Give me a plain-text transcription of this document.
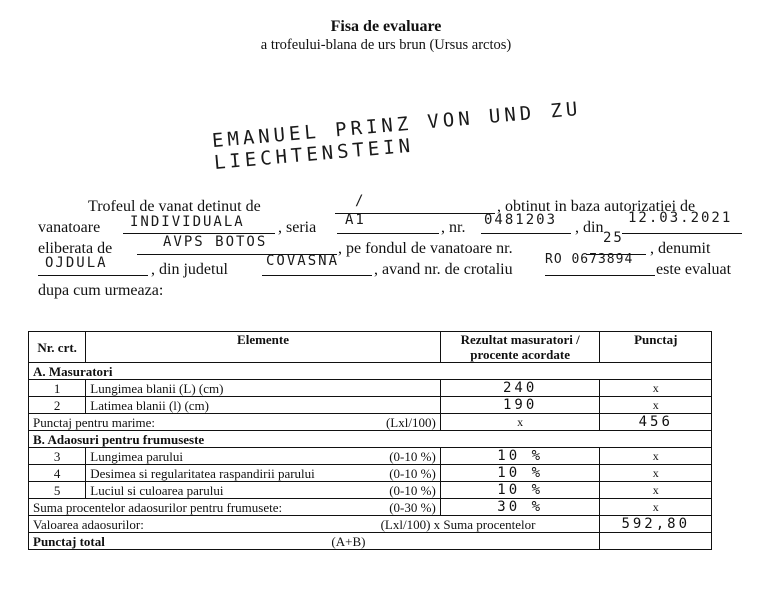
Fisa de evaluare
a trofeului-blana de urs brun (Ursus arctos)
EMANUEL PRINZ VON UND ZU LIECHTENSTEIN
Trofeul de vanat detinut de	/	, obtinut in baza autorizatiei de
vanatoare INDIVIDUALA , seria A1	, nr. 0481203 , din
12.03.2021
eliberata de	AVPS BOTOS	, pe fondul de vanatoare nr.
25
, denumit
OJDULA	, din judetul	COVASNA , avand nr. de crotaliu
RO 0673894
este evaluat
dupa cum urmeaza:
Nr. crt.	Elemente	Rezultat masuratori / procente acordate	Punctaj
A. Masuratori			
1	Lungimea blanii (L) (cm)	240	x
2	Latimea blanii (l) (cm)	190	x

Punctaj pentru marime: (Lxl/100)		x	456
B. Adaosuri pentru frumuseste			
3	Lungimea parului (0-10 %)	10 %	x
4	Desimea si regularitatea raspandirii parului (0-10 %)	10 %	x
5	Luciul si culoarea parului (0-10 %)	10 %	x

Suma procentelor adaosurilor pentru frumusete: (0-30 %)		30 %	x

Valoarea adaosurilor: (Lxl/100) x Suma procentelor			592,80

Punctaj total (A+B)			
